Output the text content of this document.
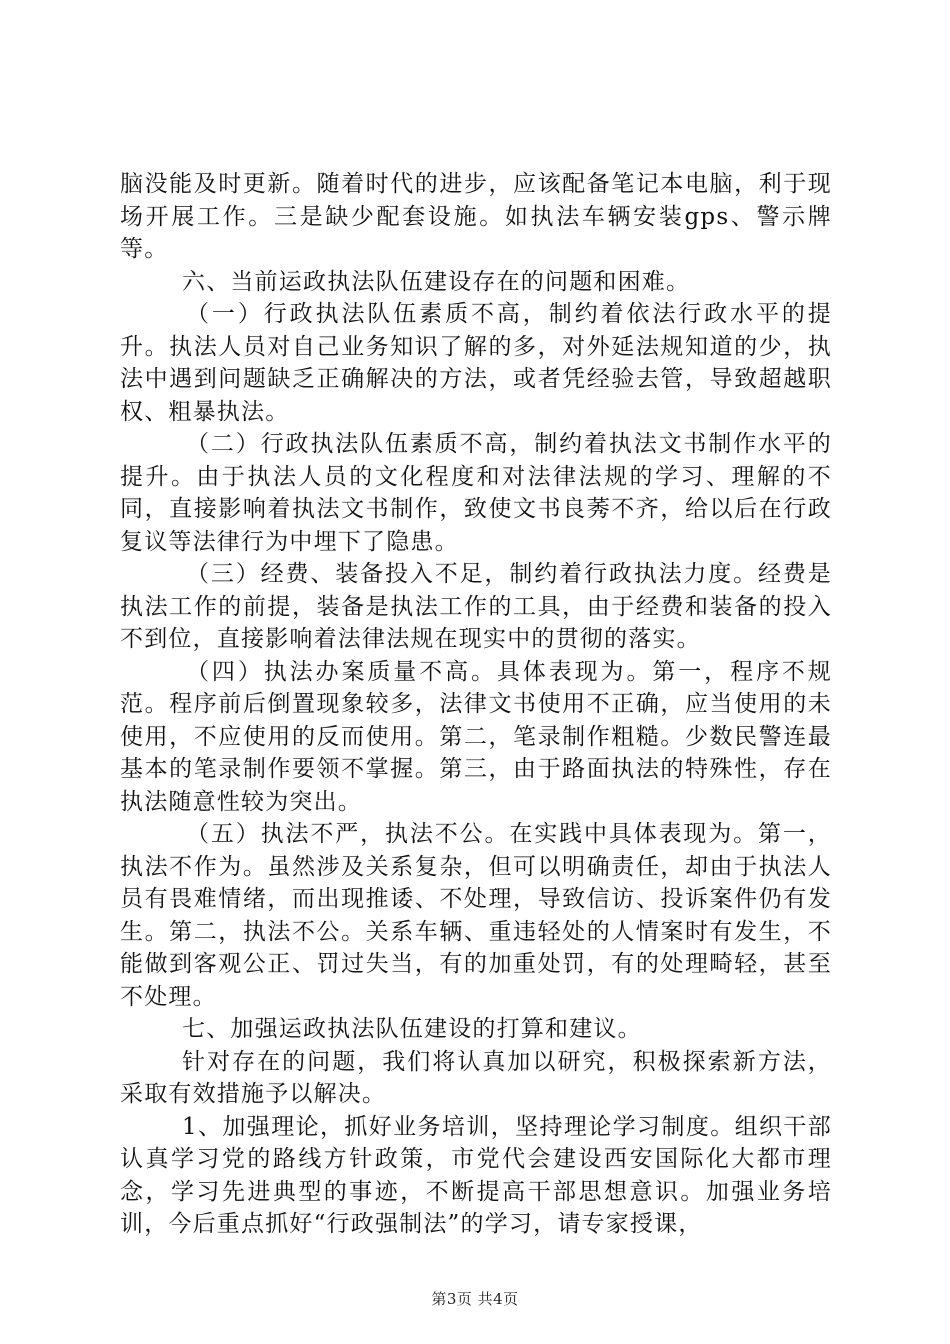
脑没能及时更新。随着时代的进步，应该配备笔记本电脑，利于现场开展工作。三是缺少配套设施。如执法车辆安装gps、警示牌等。

六、当前运政执法队伍建设存在的问题和困难。

（一）行政执法队伍素质不高，制约着依法行政水平的提升。执法人员对自己业务知识了解的多，对外延法规知道的少，执法中遇到问题缺乏正确解决的方法，或者凭经验去管，导致超越职权、粗暴执法。

（二）行政执法队伍素质不高，制约着执法文书制作水平的提升。由于执法人员的文化程度和对法律法规的学习、理解的不同，直接影响着执法文书制作，致使文书良莠不齐，给以后在行政复议等法律行为中埋下了隐患。

（三）经费、装备投入不足，制约着行政执法力度。经费是执法工作的前提，装备是执法工作的工具，由于经费和装备的投入不到位，直接影响着法律法规在现实中的贯彻的落实。

（四）执法办案质量不高。具体表现为。第一，程序不规范。程序前后倒置现象较多，法律文书使用不正确，应当使用的未使用，不应使用的反而使用。第二，笔录制作粗糙。少数民警连最基本的笔录制作要领不掌握。第三，由于路面执法的特殊性，存在执法随意性较为突出。

（五）执法不严，执法不公。在实践中具体表现为。第一，执法不作为。虽然涉及关系复杂，但可以明确责任，却由于执法人员有畏难情绪，而出现推诿、不处理，导致信访、投诉案件仍有发生。第二，执法不公。关系车辆、重违轻处的人情案时有发生，不能做到客观公正、罚过失当，有的加重处罚，有的处理畸轻，甚至不处理。

七、加强运政执法队伍建设的打算和建议。

针对存在的问题，我们将认真加以研究，积极探索新方法，采取有效措施予以解决。

1、加强理论，抓好业务培训，坚持理论学习制度。组织干部认真学习党的路线方针政策，市党代会建设西安国际化大都市理念，学习先进典型的事迹，不断提高干部思想意识。加强业务培训，今后重点抓好“行政强制法”的学习，请专家授课，

第3页 共4页
